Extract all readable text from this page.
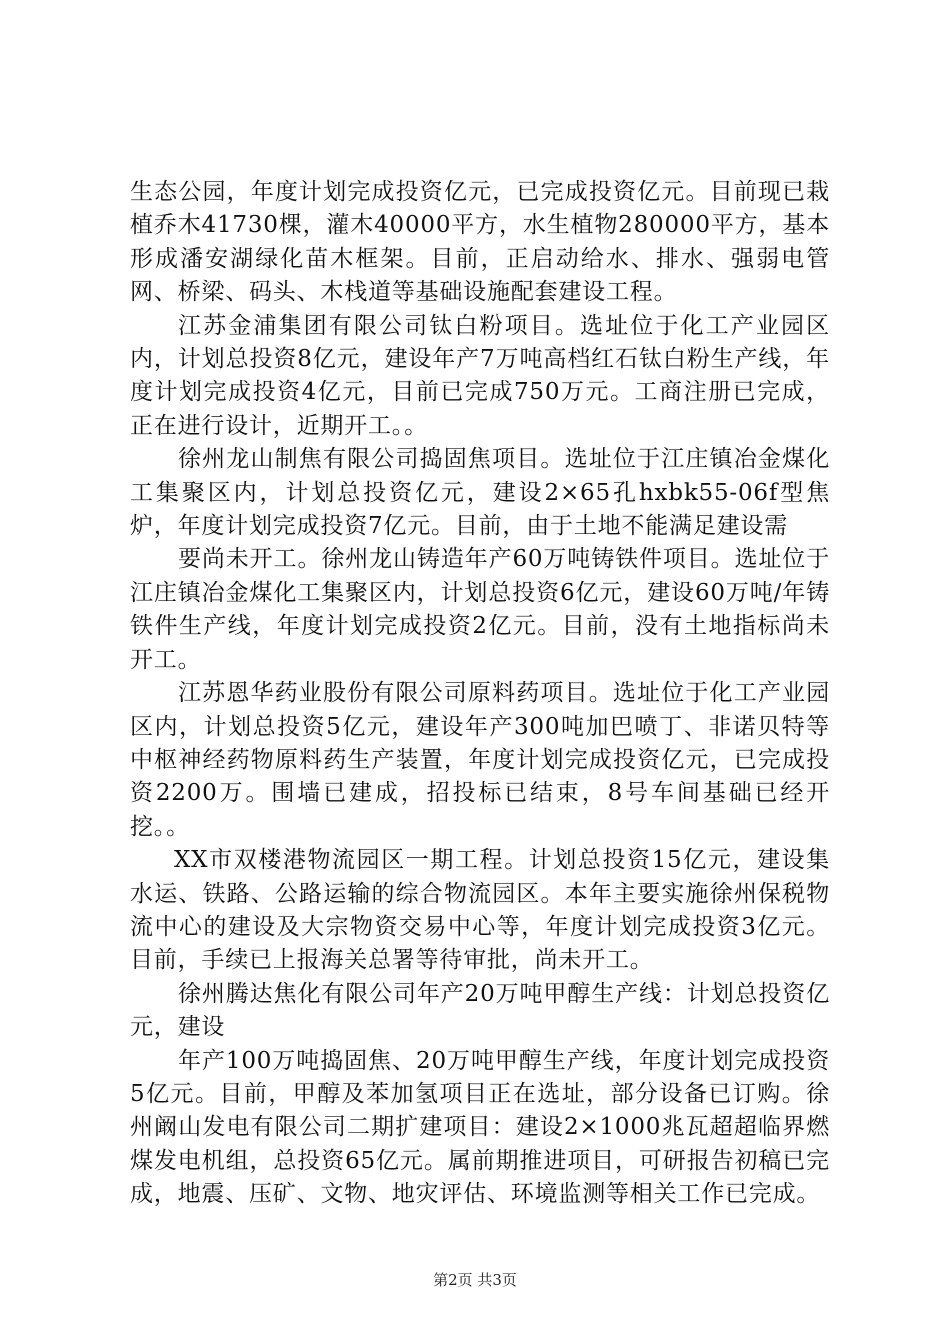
生态公园，年度计划完成投资亿元，已完成投资亿元。目前现已栽植乔木41730棵，灌木40000平方，水生植物280000平方，基本形成潘安湖绿化苗木框架。目前，正启动给水、排水、强弱电管网、桥梁、码头、木栈道等基础设施配套建设工程。

江苏金浦集团有限公司钛白粉项目。选址位于化工产业园区内，计划总投资8亿元，建设年产7万吨高档红石钛白粉生产线，年度计划完成投资4亿元，目前已完成750万元。工商注册已完成，正在进行设计，近期开工。。

徐州龙山制焦有限公司捣固焦项目。选址位于江庄镇冶金煤化工集聚区内，计划总投资亿元，建设2×65孔hxbk55-06f型焦炉，年度计划完成投资7亿元。目前，由于土地不能满足建设需

要尚未开工。徐州龙山铸造年产60万吨铸铁件项目。选址位于江庄镇冶金煤化工集聚区内，计划总投资6亿元，建设60万吨/年铸铁件生产线，年度计划完成投资2亿元。目前，没有土地指标尚未开工。

江苏恩华药业股份有限公司原料药项目。选址位于化工产业园区内，计划总投资5亿元，建设年产300吨加巴喷丁、非诺贝特等中枢神经药物原料药生产装置，年度计划完成投资亿元，已完成投资2200万。围墙已建成，招投标已结束，8号车间基础已经开挖。。

XX市双楼港物流园区一期工程。计划总投资15亿元，建设集水运、铁路、公路运输的综合物流园区。本年主要实施徐州保税物流中心的建设及大宗物资交易中心等，年度计划完成投资3亿元。目前，手续已上报海关总署等待审批，尚未开工。

徐州腾达焦化有限公司年产20万吨甲醇生产线：计划总投资亿元，建设

年产100万吨捣固焦、20万吨甲醇生产线，年度计划完成投资5亿元。目前，甲醇及苯加氢项目正在选址，部分设备已订购。徐州阚山发电有限公司二期扩建项目：建设2×1000兆瓦超超临界燃煤发电机组，总投资65亿元。属前期推进项目，可研报告初稿已完成，地震、压矿、文物、地灾评估、环境监测等相关工作已完成。

第2页 共3页
